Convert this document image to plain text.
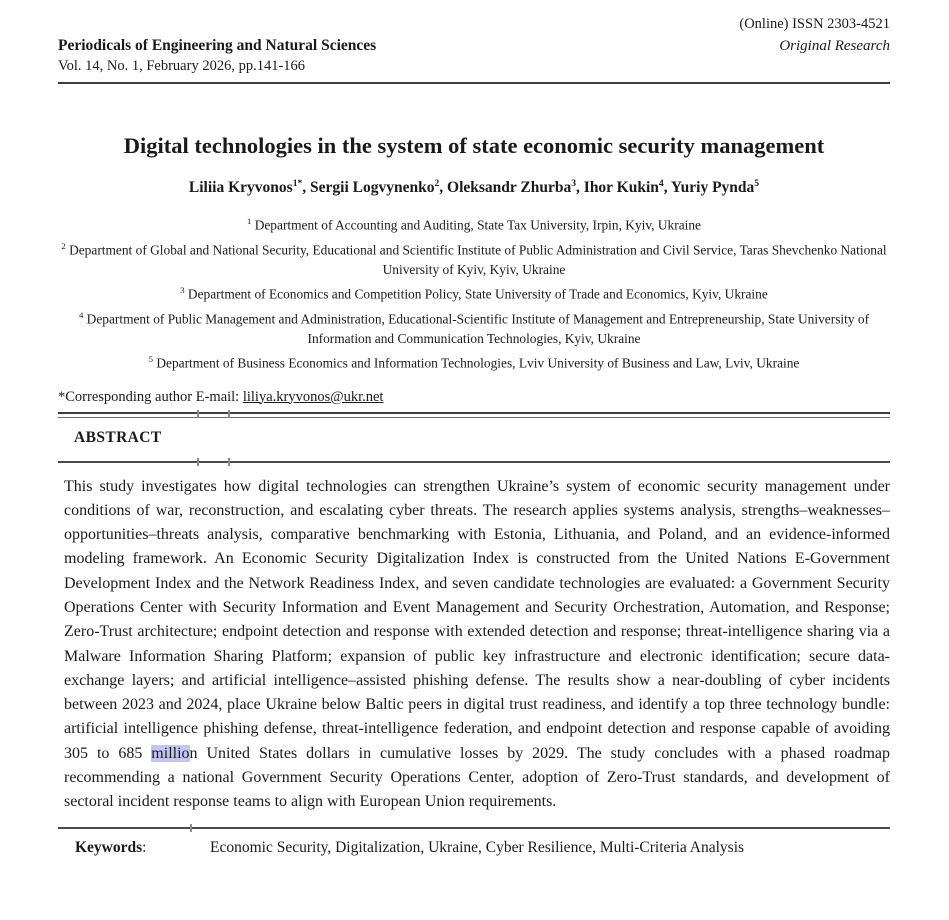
Periodicals of Engineering and Natural Sciences
Vol. 14, No. 1, February 2026, pp.141-166
(Online) ISSN 2303-4521
Original Research
Digital technologies in the system of state economic security management
Liliia Kryvonos$^{1*}$, Sergii Logvynenko$^2$, Oleksandr Zhurba$^3$, Ihor Kukin$^4$, Yuriy Pynda$^5$
$^1$ Department of Accounting and Auditing, State Tax University, Irpin, Kyiv, Ukraine
$^2$ Department of Global and National Security, Educational and Scientific Institute of Public Administration and Civil Service, Taras Shevchenko National University of Kyiv, Kyiv, Ukraine
$^3$ Department of Economics and Competition Policy, State University of Trade and Economics, Kyiv, Ukraine
$^4$ Department of Public Management and Administration, Educational-Scientific Institute of Management and Entrepreneurship, State University of Information and Communication Technologies, Kyiv, Ukraine
$^5$ Department of Business Economics and Information Technologies, Lviv University of Business and Law, Lviv, Ukraine
*Corresponding author E-mail: liliya.kryvonos@ukr.net
ABSTRACT
This study investigates how digital technologies can strengthen Ukraine’s system of economic security management under conditions of war, reconstruction, and escalating cyber threats. The research applies systems analysis, strengths–weaknesses–opportunities–threats analysis, comparative benchmarking with Estonia, Lithuania, and Poland, and an evidence-informed modeling framework. An Economic Security Digitalization Index is constructed from the United Nations E-Government Development Index and the Network Readiness Index, and seven candidate technologies are evaluated: a Government Security Operations Center with Security Information and Event Management and Security Orchestration, Automation, and Response; Zero-Trust architecture; endpoint detection and response with extended detection and response; threat-intelligence sharing via a Malware Information Sharing Platform; expansion of public key infrastructure and electronic identification; secure data-exchange layers; and artificial intelligence–assisted phishing defense. The results show a near-doubling of cyber incidents between 2023 and 2024, place Ukraine below Baltic peers in digital trust readiness, and identify a top three technology bundle: artificial intelligence phishing defense, threat-intelligence federation, and endpoint detection and response capable of avoiding 305 to 685 million United States dollars in cumulative losses by 2029. The study concludes with a phased roadmap recommending a national Government Security Operations Center, adoption of Zero-Trust standards, and development of sectoral incident response teams to align with European Union requirements.
Keywords:	Economic Security, Digitalization, Ukraine, Cyber Resilience, Multi-Criteria Analysis
